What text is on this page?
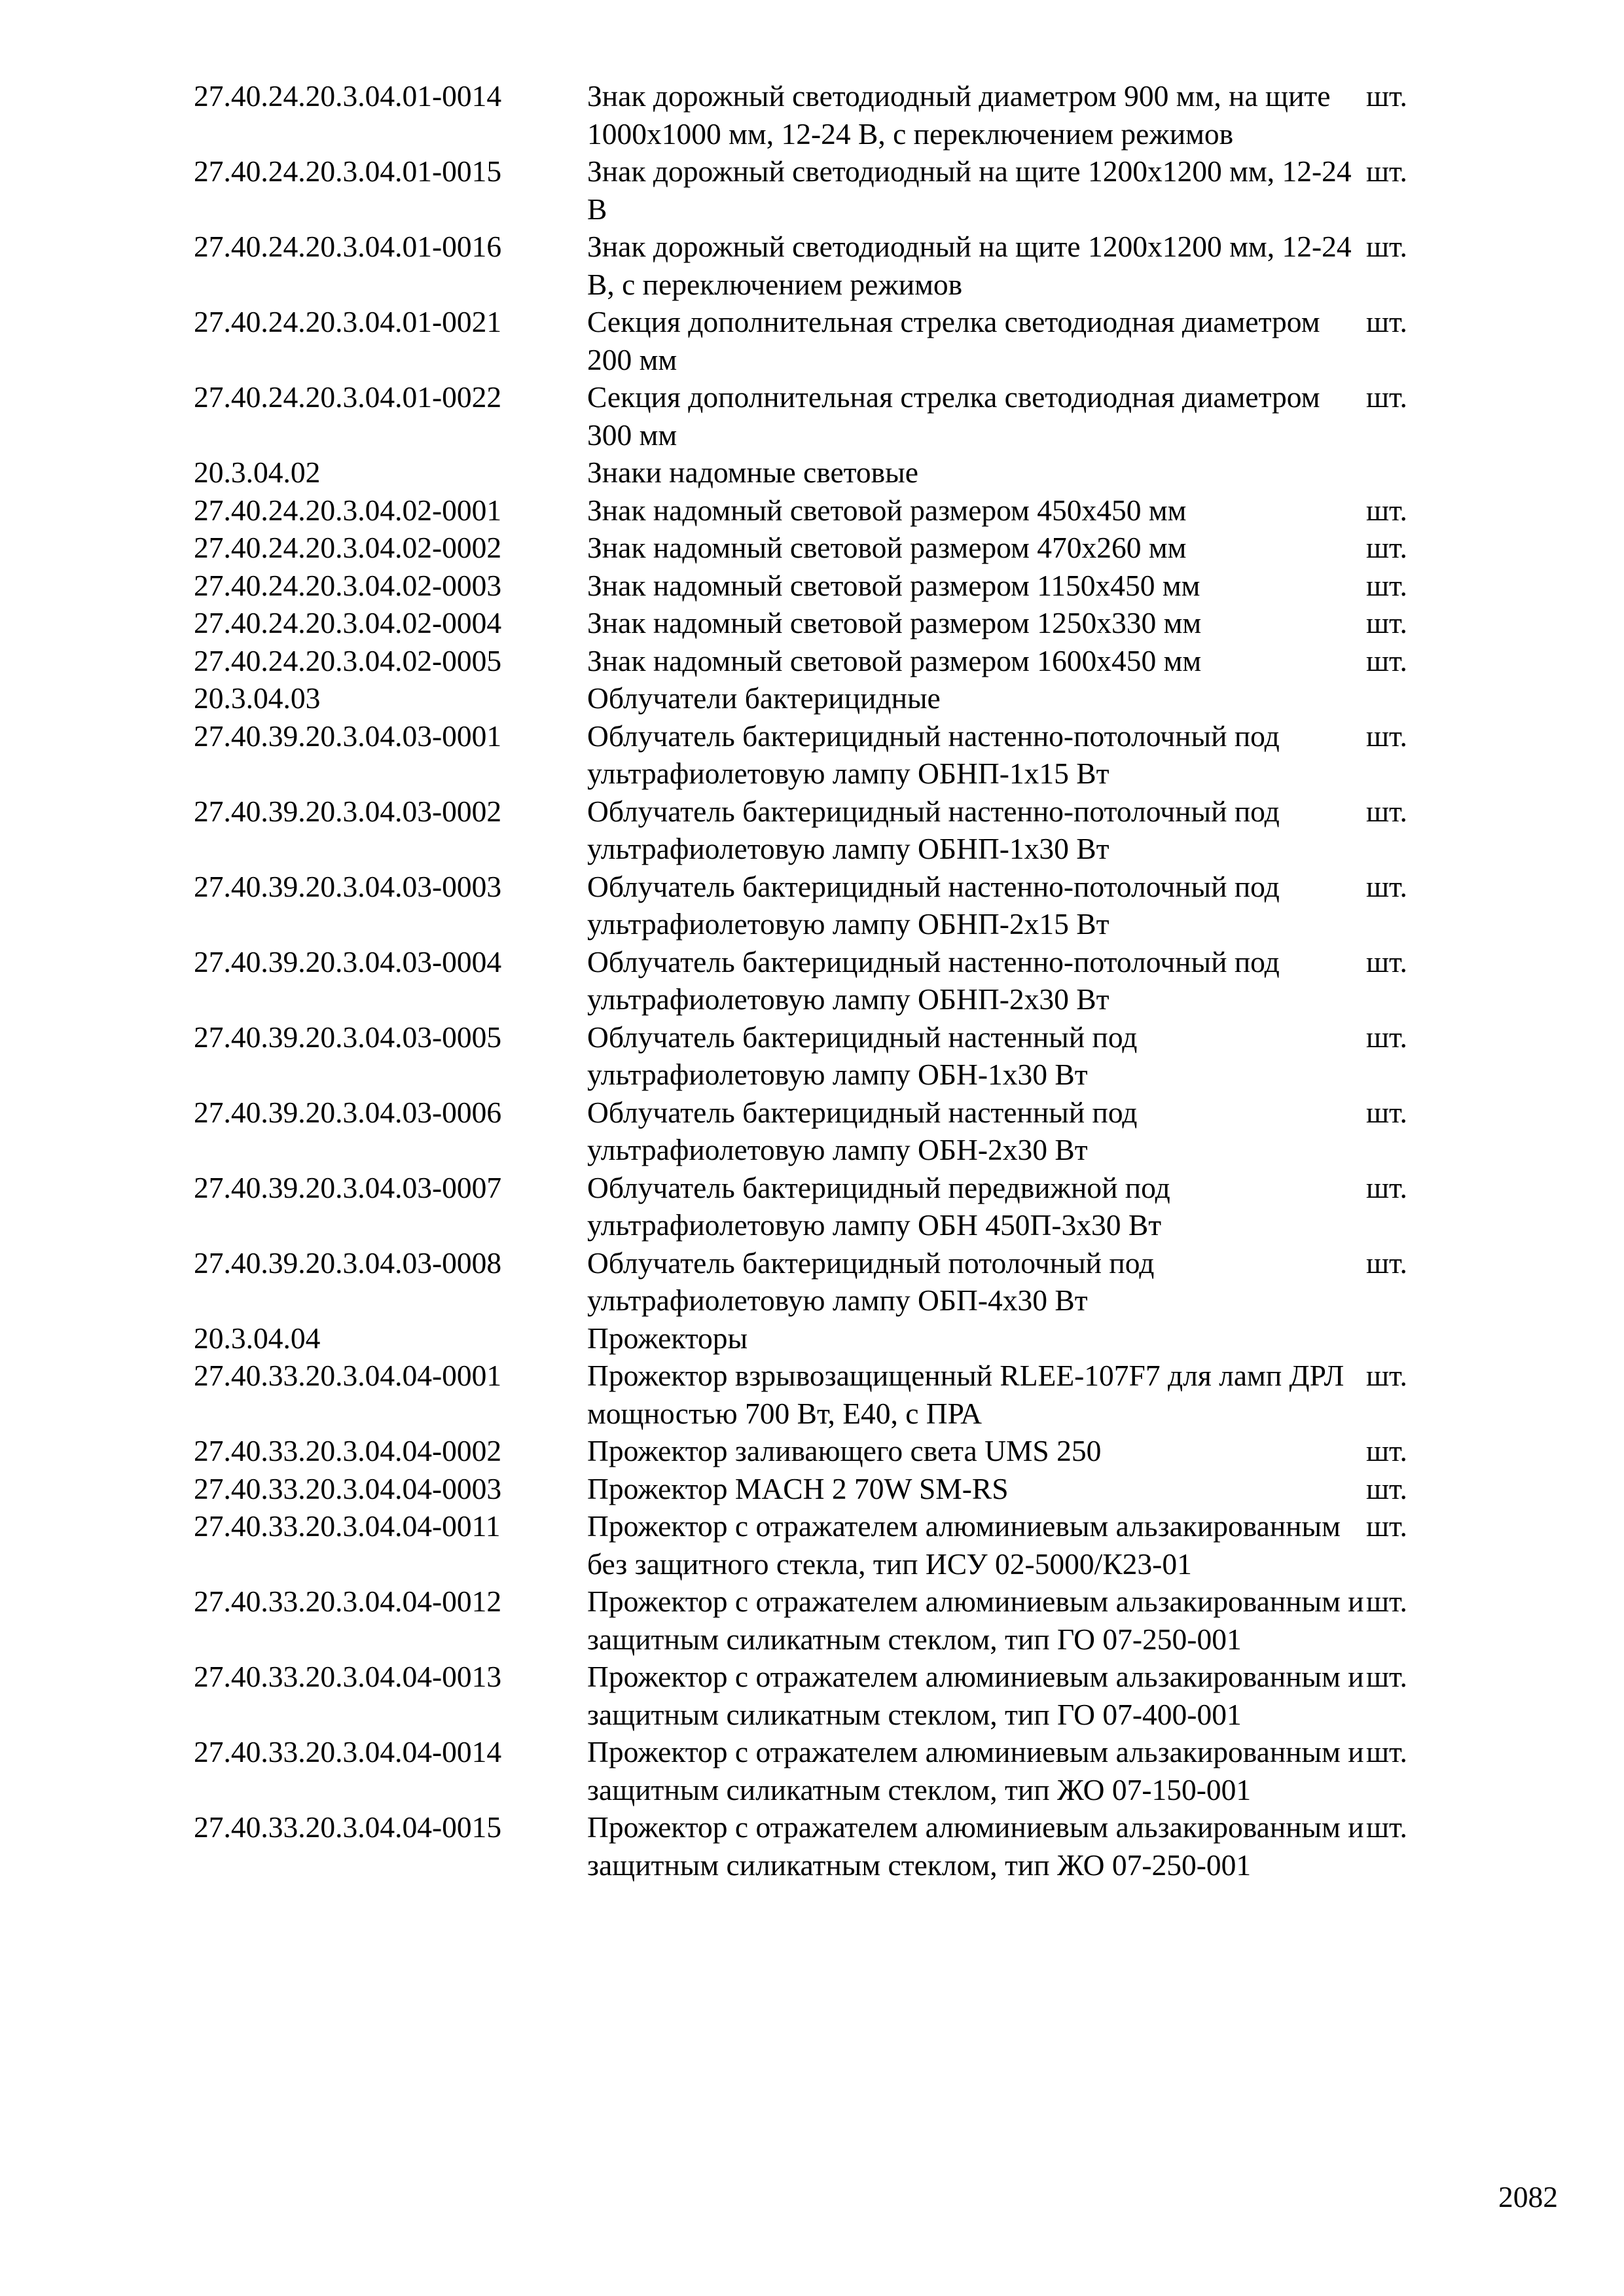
27.40.24.20.3.04.01-0014	Знак дорожный светодиодный диаметром 900 мм, на щите 1000х1000 мм, 12-24 В, с переключением режимов	шт.
27.40.24.20.3.04.01-0015	Знак дорожный светодиодный на щите 1200х1200 мм, 12-24 В	шт.
27.40.24.20.3.04.01-0016	Знак дорожный светодиодный на щите 1200х1200 мм, 12-24 В, с переключением режимов	шт.
27.40.24.20.3.04.01-0021	Секция дополнительная стрелка светодиодная диаметром 200 мм	шт.
27.40.24.20.3.04.01-0022	Секция дополнительная стрелка светодиодная диаметром 300 мм	шт.
20.3.04.02	Знаки надомные световые	
27.40.24.20.3.04.02-0001	Знак надомный световой размером 450х450 мм	шт.
27.40.24.20.3.04.02-0002	Знак надомный световой размером 470х260 мм	шт.
27.40.24.20.3.04.02-0003	Знак надомный световой размером 1150х450 мм	шт.
27.40.24.20.3.04.02-0004	Знак надомный световой размером 1250х330 мм	шт.
27.40.24.20.3.04.02-0005	Знак надомный световой размером 1600х450 мм	шт.
20.3.04.03	Облучатели бактерицидные	
27.40.39.20.3.04.03-0001	Облучатель бактерицидный настенно-потолочный под ультрафиолетовую лампу ОБНП-1х15 Вт	шт.
27.40.39.20.3.04.03-0002	Облучатель бактерицидный настенно-потолочный под ультрафиолетовую лампу ОБНП-1х30 Вт	шт.
27.40.39.20.3.04.03-0003	Облучатель бактерицидный настенно-потолочный под ультрафиолетовую лампу ОБНП-2х15 Вт	шт.
27.40.39.20.3.04.03-0004	Облучатель бактерицидный настенно-потолочный под ультрафиолетовую лампу ОБНП-2х30 Вт	шт.
27.40.39.20.3.04.03-0005	Облучатель бактерицидный настенный под ультрафиолетовую лампу ОБН-1х30 Вт	шт.
27.40.39.20.3.04.03-0006	Облучатель бактерицидный настенный под ультрафиолетовую лампу ОБН-2х30 Вт	шт.
27.40.39.20.3.04.03-0007	Облучатель бактерицидный передвижной под ультрафиолетовую лампу ОБН 450П-3х30 Вт	шт.
27.40.39.20.3.04.03-0008	Облучатель бактерицидный потолочный под ультрафиолетовую лампу ОБП-4х30 Вт	шт.
20.3.04.04	Прожекторы	
27.40.33.20.3.04.04-0001	Прожектор взрывозащищенный RLEE-107F7 для ламп ДРЛ мощностью 700 Вт, Е40, с ПРА	шт.
27.40.33.20.3.04.04-0002	Прожектор заливающего света UMS 250	шт.
27.40.33.20.3.04.04-0003	Прожектор MACH 2 70W SM-RS	шт.
27.40.33.20.3.04.04-0011	Прожектор с отражателем алюминиевым альзакированным без защитного стекла, тип ИСУ 02-5000/К23-01	шт.
27.40.33.20.3.04.04-0012	Прожектор с отражателем алюминиевым альзакированным и защитным силикатным стеклом, тип ГО 07-250-001	шт.
27.40.33.20.3.04.04-0013	Прожектор с отражателем алюминиевым альзакированным и защитным силикатным стеклом, тип ГО 07-400-001	шт.
27.40.33.20.3.04.04-0014	Прожектор с отражателем алюминиевым альзакированным и защитным силикатным стеклом, тип ЖО 07-150-001	шт.
27.40.33.20.3.04.04-0015	Прожектор с отражателем алюминиевым альзакированным и защитным силикатным стеклом, тип ЖО 07-250-001	шт.
2082
